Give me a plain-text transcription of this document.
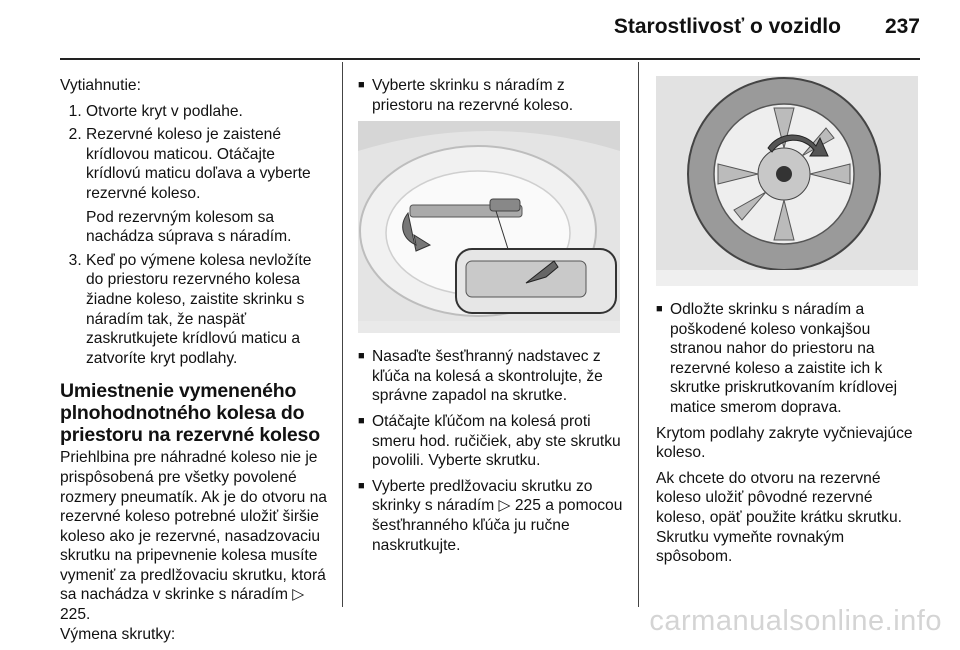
Starostlivosť o vozidlo 237

Vytiahnutie:

1. Otvorte kryt v podlahe.
2. Rezervné koleso je zaistené krídlovou maticou. Otáčajte krídlovú maticu doľava a vyberte rezervné koleso.
Pod rezervným kolesom sa nachádza súprava s náradím.
3. Keď po výmene kolesa nevložíte do priestoru rezervného kolesa žiadne koleso, zaistite skrinku s náradím tak, že naspäť zaskrutkujete krídlovú maticu a zatvoríte kryt podlahy.
Umiestnenie vymeneného plnohodnotného kolesa do priestoru na rezervné koleso

Priehlbina pre náhradné koleso nie je prispôsobená pre všetky povolené rozmery pneumatík. Ak je do otvoru na rezervné koleso potrebné uložiť širšie koleso ako je rezervné, nasadzovaciu skrutku na pripevnenie kolesa musíte vymeniť za predlžovaciu skrutku, ktorá sa nachádza v skrinke s náradím ▷ 225.

Výmena skrutky:

■ Vyberte skrinku s náradím z priestoru na rezervné koleso.
■ Nasaďte šesťhranný nadstavec z kľúča na kolesá a skontrolujte, že správne zapadol na skrutke.
■ Otáčajte kľúčom na kolesá proti smeru hod. ručičiek, aby ste skrutku povolili. Vyberte skrutku.
■ Vyberte predlžovaciu skrutku zo skrinky s náradím ▷ 225 a pomocou šesťhranného kľúča ju ručne naskrutkujte.
■ Odložte skrinku s náradím a poškodené koleso vonkajšou stranou nahor do priestoru na rezervné koleso a zaistite ich k skrutke priskrutkovaním krídlovej matice smerom doprava.

Krytom podlahy zakryte vyčnievajúce koleso.

Ak chcete do otvoru na rezervné koleso uložiť pôvodné rezervné koleso, opäť použite krátku skrutku. Skrutku vymeňte rovnakým spôsobom.

carmanualsonline.info
